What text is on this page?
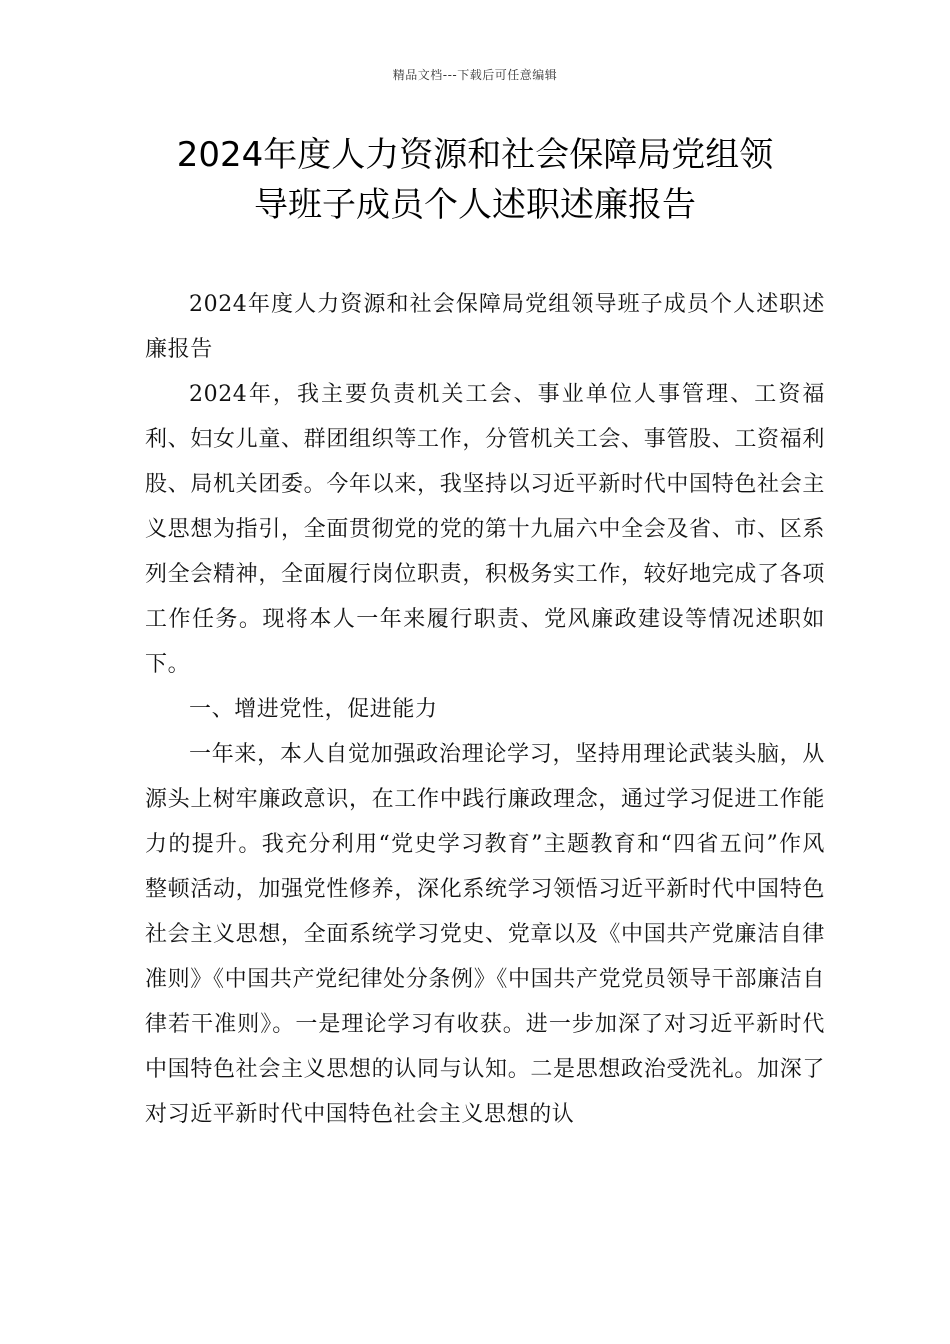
精品文档---下载后可任意编辑
2024年度人力资源和社会保障局党组领
导班子成员个人述职述廉报告

2024年度人力资源和社会保障局党组领导班子成员个人述职述廉报告

2024年，我主要负责机关工会、事业单位人事管理、工资福利、妇女儿童、群团组织等工作，分管机关工会、事管股、工资福利股、局机关团委。今年以来，我坚持以习近平新时代中国特色社会主义思想为指引，全面贯彻党的党的第十九届六中全会及省、市、区系列全会精神，全面履行岗位职责，积极务实工作，较好地完成了各项工作任务。现将本人一年来履行职责、党风廉政建设等情况述职如下。

一、增进党性，促进能力

一年来，本人自觉加强政治理论学习，坚持用理论武装头脑，从源头上树牢廉政意识，在工作中践行廉政理念，通过学习促进工作能力的提升。我充分利用“党史学习教育”主题教育和“四省五问”作风整顿活动，加强党性修养，深化系统学习领悟习近平新时代中国特色社会主义思想，全面系统学习党史、党章以及《中国共产党廉洁自律准则》《中国共产党纪律处分条例》《中国共产党党员领导干部廉洁自律若干准则》。一是理论学习有收获。进一步加深了对习近平新时代中国特色社会主义思想的认同与认知。二是思想政治受洗礼。加深了对习近平新时代中国特色社会主义思想的认
